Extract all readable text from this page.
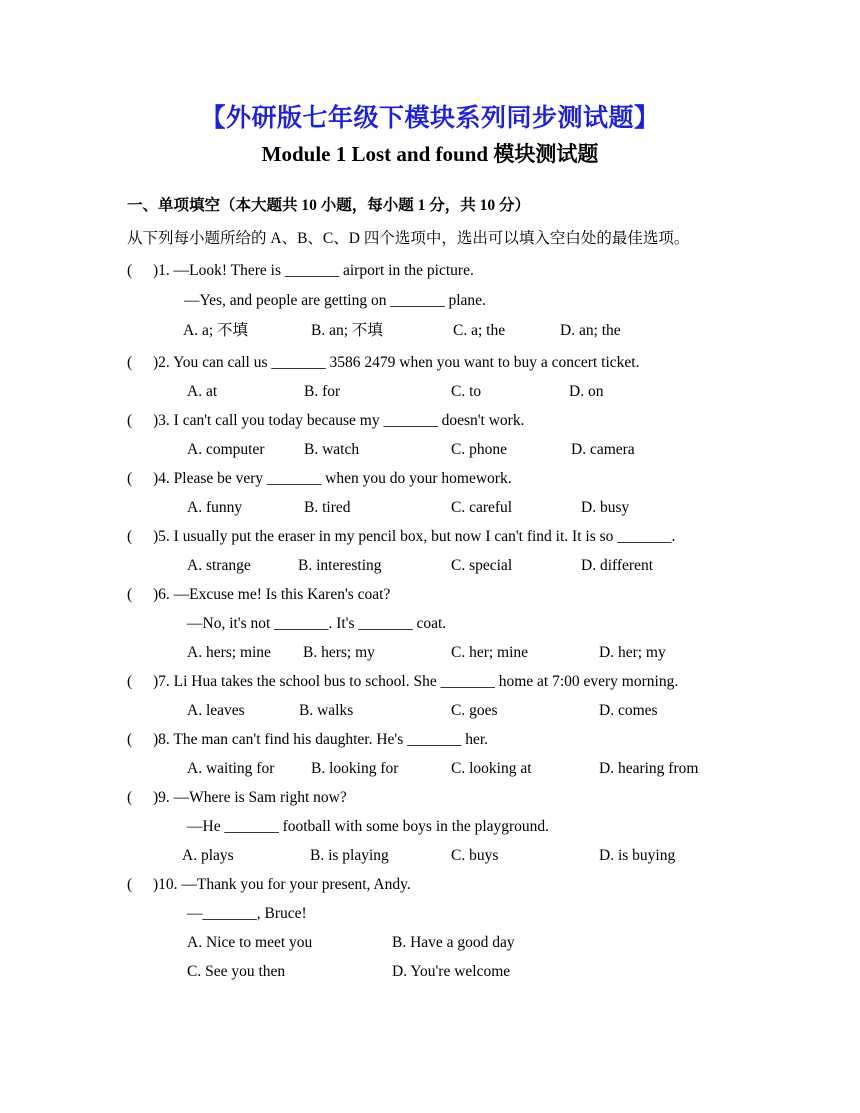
【外研版七年级下模块系列同步测试题】
Module 1 Lost and found 模块测试题
一、单项填空（本大题共 10 小题，每小题 1 分，共 10 分）
从下列每小题所给的 A、B、C、D 四个选项中，选出可以填入空白处的最佳选项。
( )1. —Look! There is _______ airport in the picture.
—Yes, and people are getting on _______ plane.
A. a; 不填	B. an; 不填	C. a; the	D. an; the
( )2. You can call us _______ 3586 2479 when you want to buy a concert ticket.
A. at	B. for	C. to	D. on
( )3. I can't call you today because my _______ doesn't work.
A. computer	B. watch	C. phone	D. camera
( )4. Please be very _______ when you do your homework.
A. funny	B. tired	C. careful	D. busy
( )5. I usually put the eraser in my pencil box, but now I can't find it. It is so _______.
A. strange	B. interesting	C. special	D. different
( )6. —Excuse me! Is this Karen's coat?
—No, it's not _______. It's _______ coat.
A. hers; mine B. hers; my	C. her; mine	D. her; my
( )7. Li Hua takes the school bus to school. She _______ home at 7:00 every morning.
A. leaves	B. walks	C. goes	D. comes
( )8. The man can't find his daughter. He's _______ her.
A. waiting for B. looking for	C. looking at	D. hearing from
( )9. —Where is Sam right now?
—He _______ football with some boys in the playground.
A. plays	B. is playing	C. buys	D. is buying
( )10. —Thank you for your present, Andy.
—_______, Bruce!
A. Nice to meet you	B. Have a good day
C. See you then	D. You're welcome
